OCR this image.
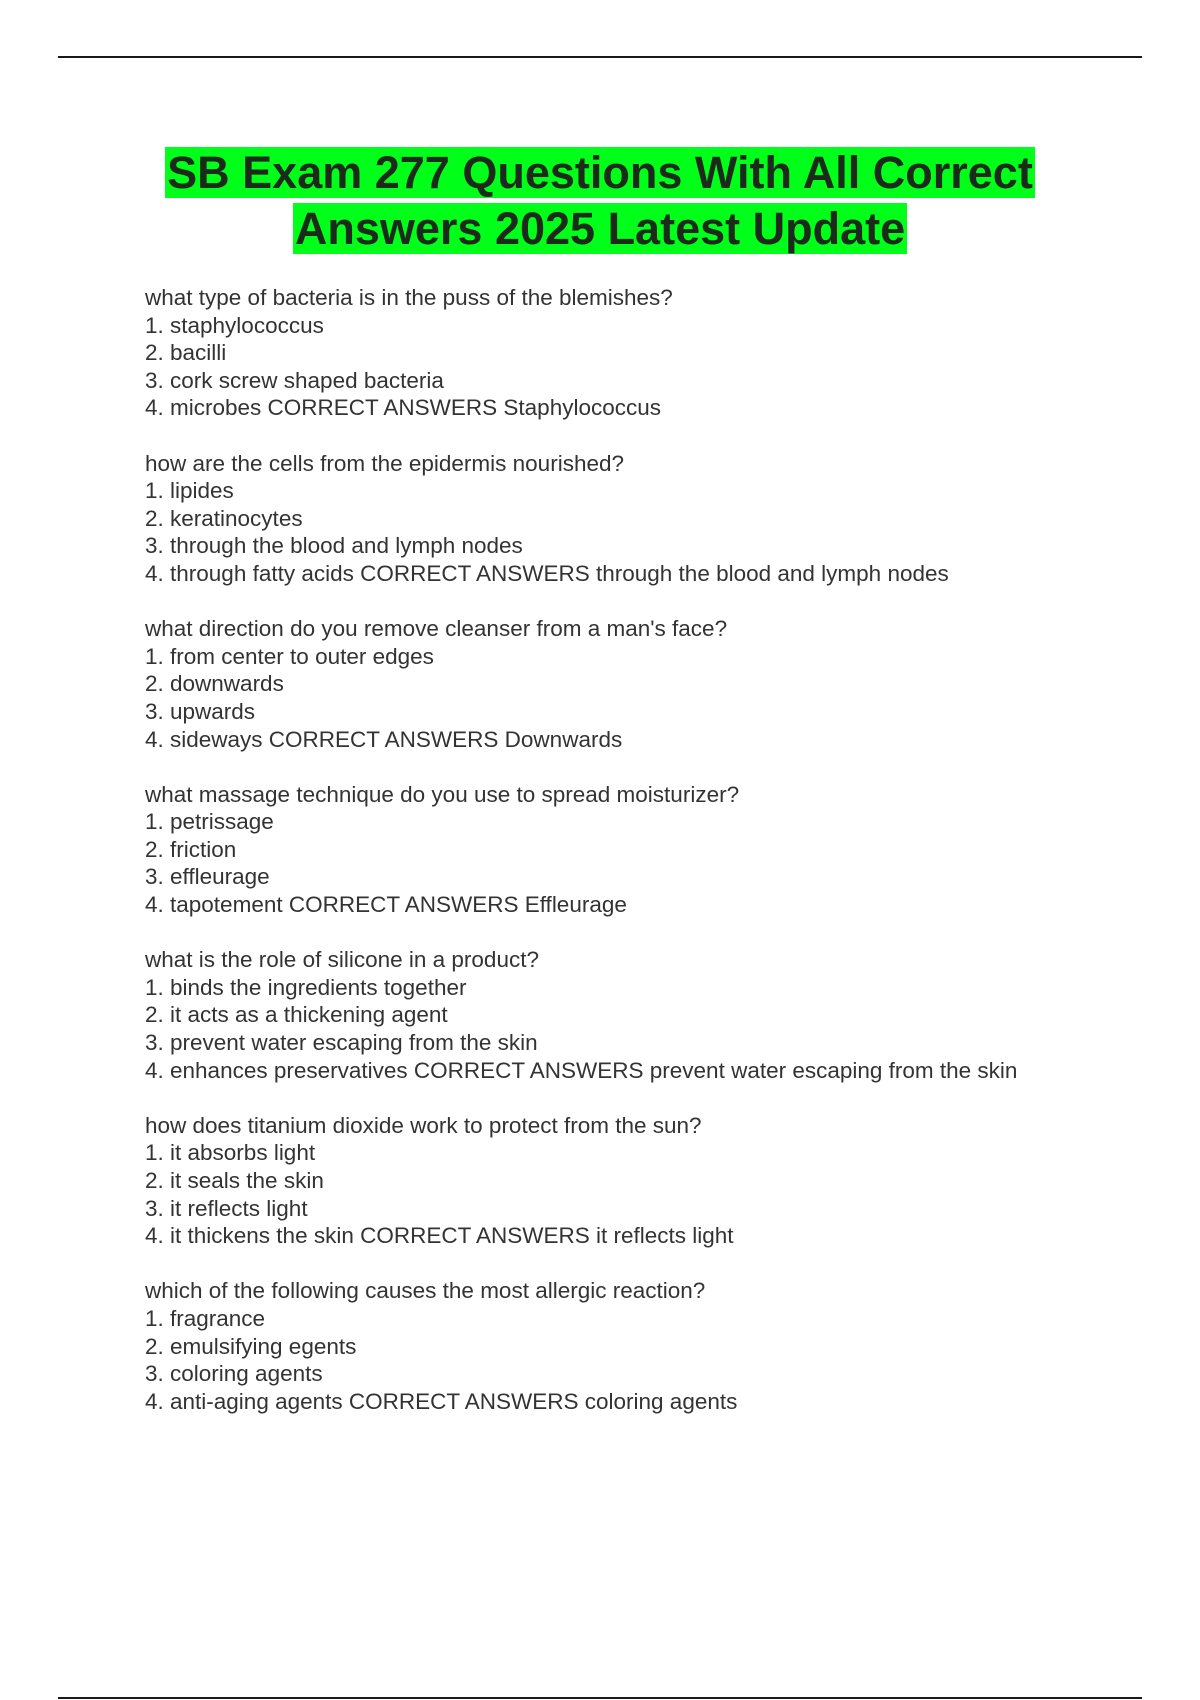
SB Exam 277 Questions With All Correct
Answers 2025 Latest Update
what type of bacteria is in the puss of the blemishes?
1. staphylococcus
2. bacilli
3. cork screw shaped bacteria
4. microbes CORRECT ANSWERS Staphylococcus
how are the cells from the epidermis nourished?
1. lipides
2. keratinocytes
3. through the blood and lymph nodes
4. through fatty acids CORRECT ANSWERS through the blood and lymph nodes
what direction do you remove cleanser from a man's face?
1. from center to outer edges
2. downwards
3. upwards
4. sideways CORRECT ANSWERS Downwards
what massage technique do you use to spread moisturizer?
1. petrissage
2. friction
3. effleurage
4. tapotement CORRECT ANSWERS Effleurage
what is the role of silicone in a product?
1. binds the ingredients together
2. it acts as a thickening agent
3. prevent water escaping from the skin
4. enhances preservatives CORRECT ANSWERS prevent water escaping from the skin
how does titanium dioxide work to protect from the sun?
1. it absorbs light
2. it seals the skin
3. it reflects light
4. it thickens the skin CORRECT ANSWERS it reflects light
which of the following causes the most allergic reaction?
1. fragrance
2. emulsifying egents
3. coloring agents
4. anti-aging agents CORRECT ANSWERS coloring agents
